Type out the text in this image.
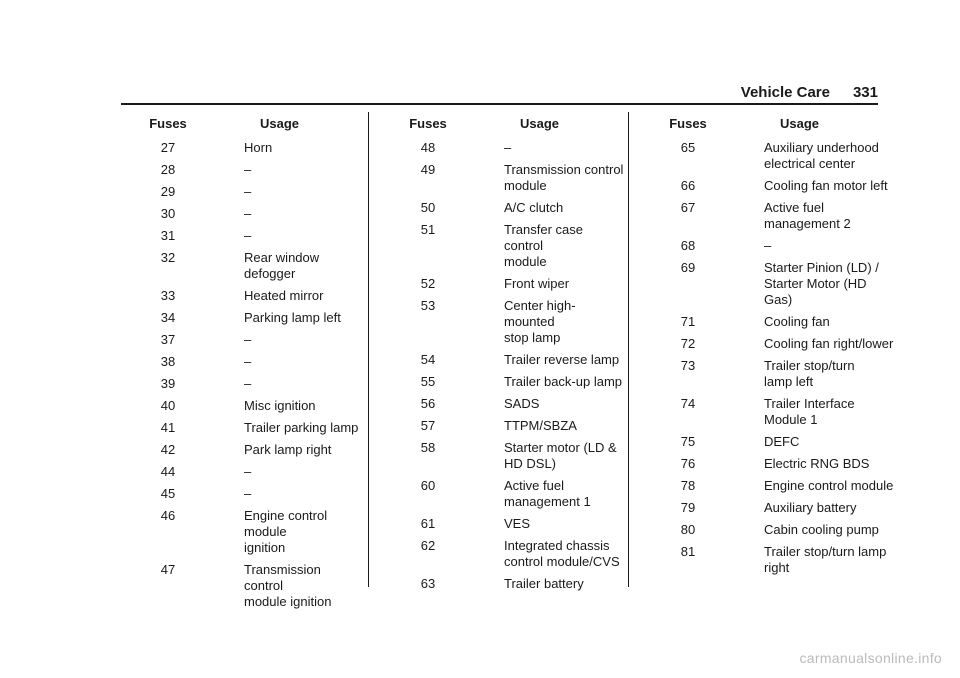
Vehicle Care	331
Fuses	Usage
27	Horn
28	–
29	–
30	–
31	–
32	Rear window defogger
33	Heated mirror
34	Parking lamp left
37	–
38	–
39	–
40	Misc ignition
41	Trailer parking lamp
42	Park lamp right
44	–
45	–
46	Engine control module
ignition
47	Transmission control
module ignition
Fuses	Usage
48	–
49	Transmission control
module
50	A/C clutch
51	Transfer case control
module
52	Front wiper
53	Center high-mounted
stop lamp
54	Trailer reverse lamp
55	Trailer back-up lamp
56	SADS
57	TTPM/SBZA
58	Starter motor (LD &
HD DSL)
60	Active fuel
management 1
61	VES
62	Integrated chassis
control module/CVS
63	Trailer battery
Fuses	Usage
65	Auxiliary underhood
electrical center
66	Cooling fan motor left
67	Active fuel
management 2
68	–
69	Starter Pinion (LD) /
Starter Motor (HD Gas)
71	Cooling fan
72	Cooling fan right/lower
73	Trailer stop/turn
lamp left
74	Trailer Interface
Module 1
75	DEFC
76	Electric RNG BDS
78	Engine control module
79	Auxiliary battery
80	Cabin cooling pump
81	Trailer stop/turn lamp
right
carmanualsonline.info
